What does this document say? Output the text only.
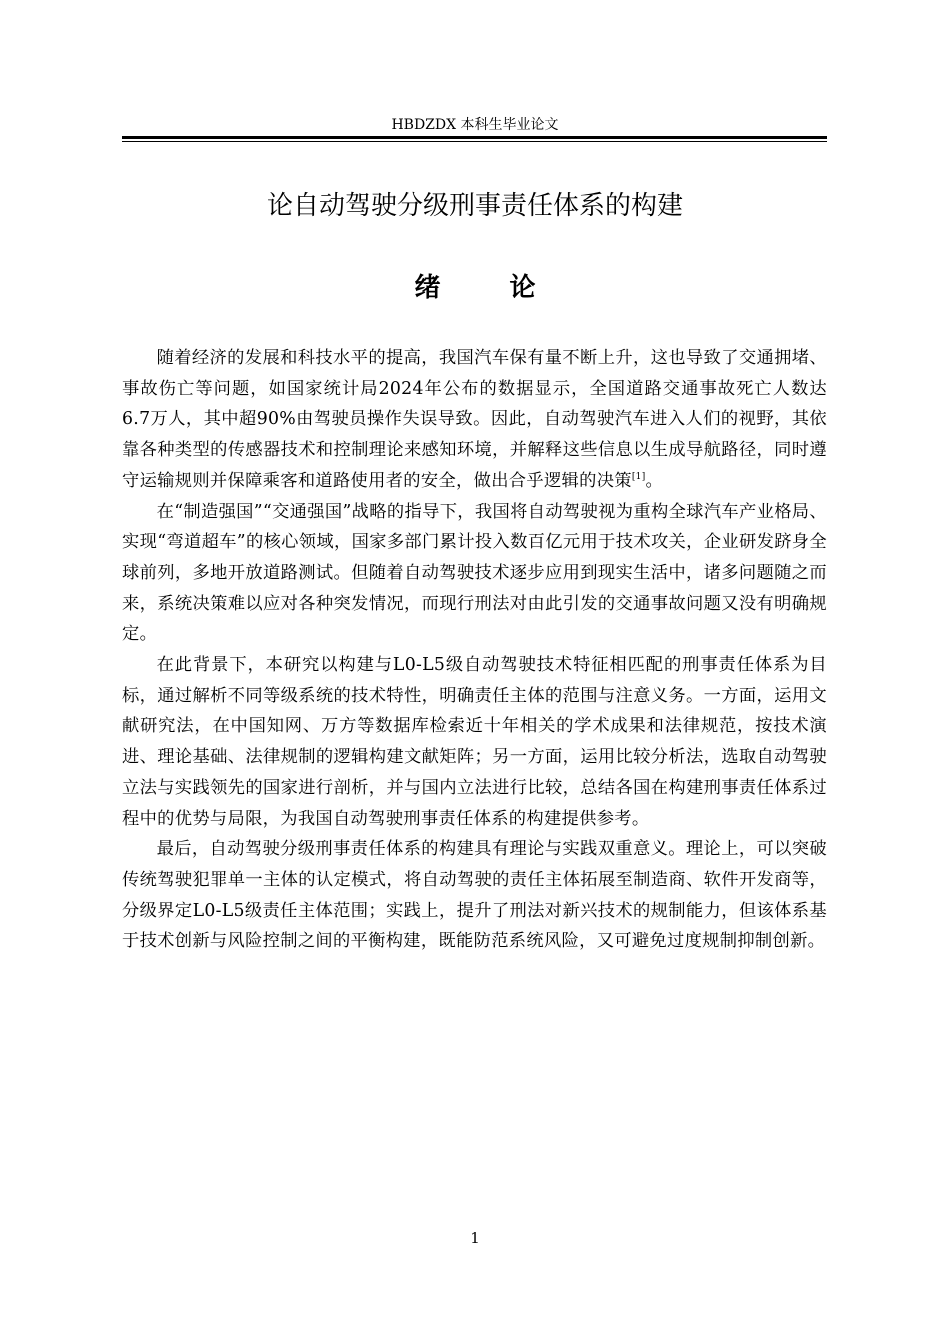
HBDZDX 本科生毕业论文
论自动驾驶分级刑事责任体系的构建
绪 论

随着经济的发展和科技水平的提高，我国汽车保有量不断上升，这也导致了交通拥堵、事故伤亡等问题，如国家统计局2024年公布的数据显示，全国道路交通事故死亡人数达6.7万人，其中超90%由驾驶员操作失误导致。因此，自动驾驶汽车进入人们的视野，其依靠各种类型的传感器技术和控制理论来感知环境，并解释这些信息以生成导航路径，同时遵守运输规则并保障乘客和道路使用者的安全，做出合乎逻辑的决策[1]。

在“制造强国”“交通强国”战略的指导下，我国将自动驾驶视为重构全球汽车产业格局、实现“弯道超车”的核心领域，国家多部门累计投入数百亿元用于技术攻关，企业研发跻身全球前列，多地开放道路测试。但随着自动驾驶技术逐步应用到现实生活中，诸多问题随之而来，系统决策难以应对各种突发情况，而现行刑法对由此引发的交通事故问题又没有明确规定。

在此背景下，本研究以构建与L0-L5级自动驾驶技术特征相匹配的刑事责任体系为目标，通过解析不同等级系统的技术特性，明确责任主体的范围与注意义务。一方面，运用文献研究法，在中国知网、万方等数据库检索近十年相关的学术成果和法律规范，按技术演进、理论基础、法律规制的逻辑构建文献矩阵；另一方面，运用比较分析法，选取自动驾驶立法与实践领先的国家进行剖析，并与国内立法进行比较，总结各国在构建刑事责任体系过程中的优势与局限，为我国自动驾驶刑事责任体系的构建提供参考。

最后，自动驾驶分级刑事责任体系的构建具有理论与实践双重意义。理论上，可以突破传统驾驶犯罪单一主体的认定模式，将自动驾驶的责任主体拓展至制造商、软件开发商等，分级界定L0-L5级责任主体范围；实践上，提升了刑法对新兴技术的规制能力，但该体系基于技术创新与风险控制之间的平衡构建，既能防范系统风险，又可避免过度规制抑制创新。

1
